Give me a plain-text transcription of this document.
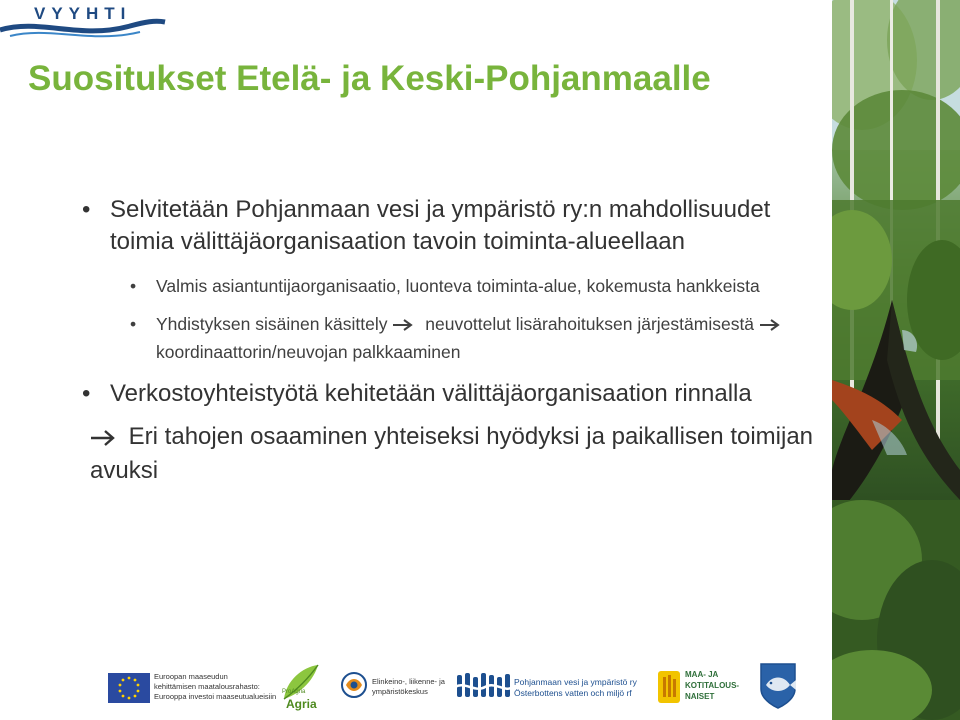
VYYHTI
Suositukset Etelä- ja Keski-Pohjanmaalle
• Selvitetään Pohjanmaan vesi ja ympäristö ry:n mahdollisuudet toimia välittäjäorganisaation tavoin toiminta-alueellaan
• Valmis asiantuntijaorganisaatio, luonteva toiminta-alue, kokemusta hankkeista
• Yhdistyksen sisäinen käsittely neuvottelut lisärahoituksen järjestämisestä  koordinaattorin/neuvojan palkkaaminen
• Verkostoyhteistyötä kehitetään välittäjäorganisaation rinnalla
Eri tahojen osaaminen yhteiseksi hyödyksi ja paikallisen toimijan avuksi
Euroopan maaseudun
kehittämisen maatalousrahasto:
Eurooppa investoi maaseutualueisiin ProAgria
Agria
Elinkeino-, liikenne- ja
ympäristökeskus
Pohjanmaan vesi ja ympäristö ry
Österbottens vatten och miljö rf
MAA- JA
KOTITALOUS-
NAISET
